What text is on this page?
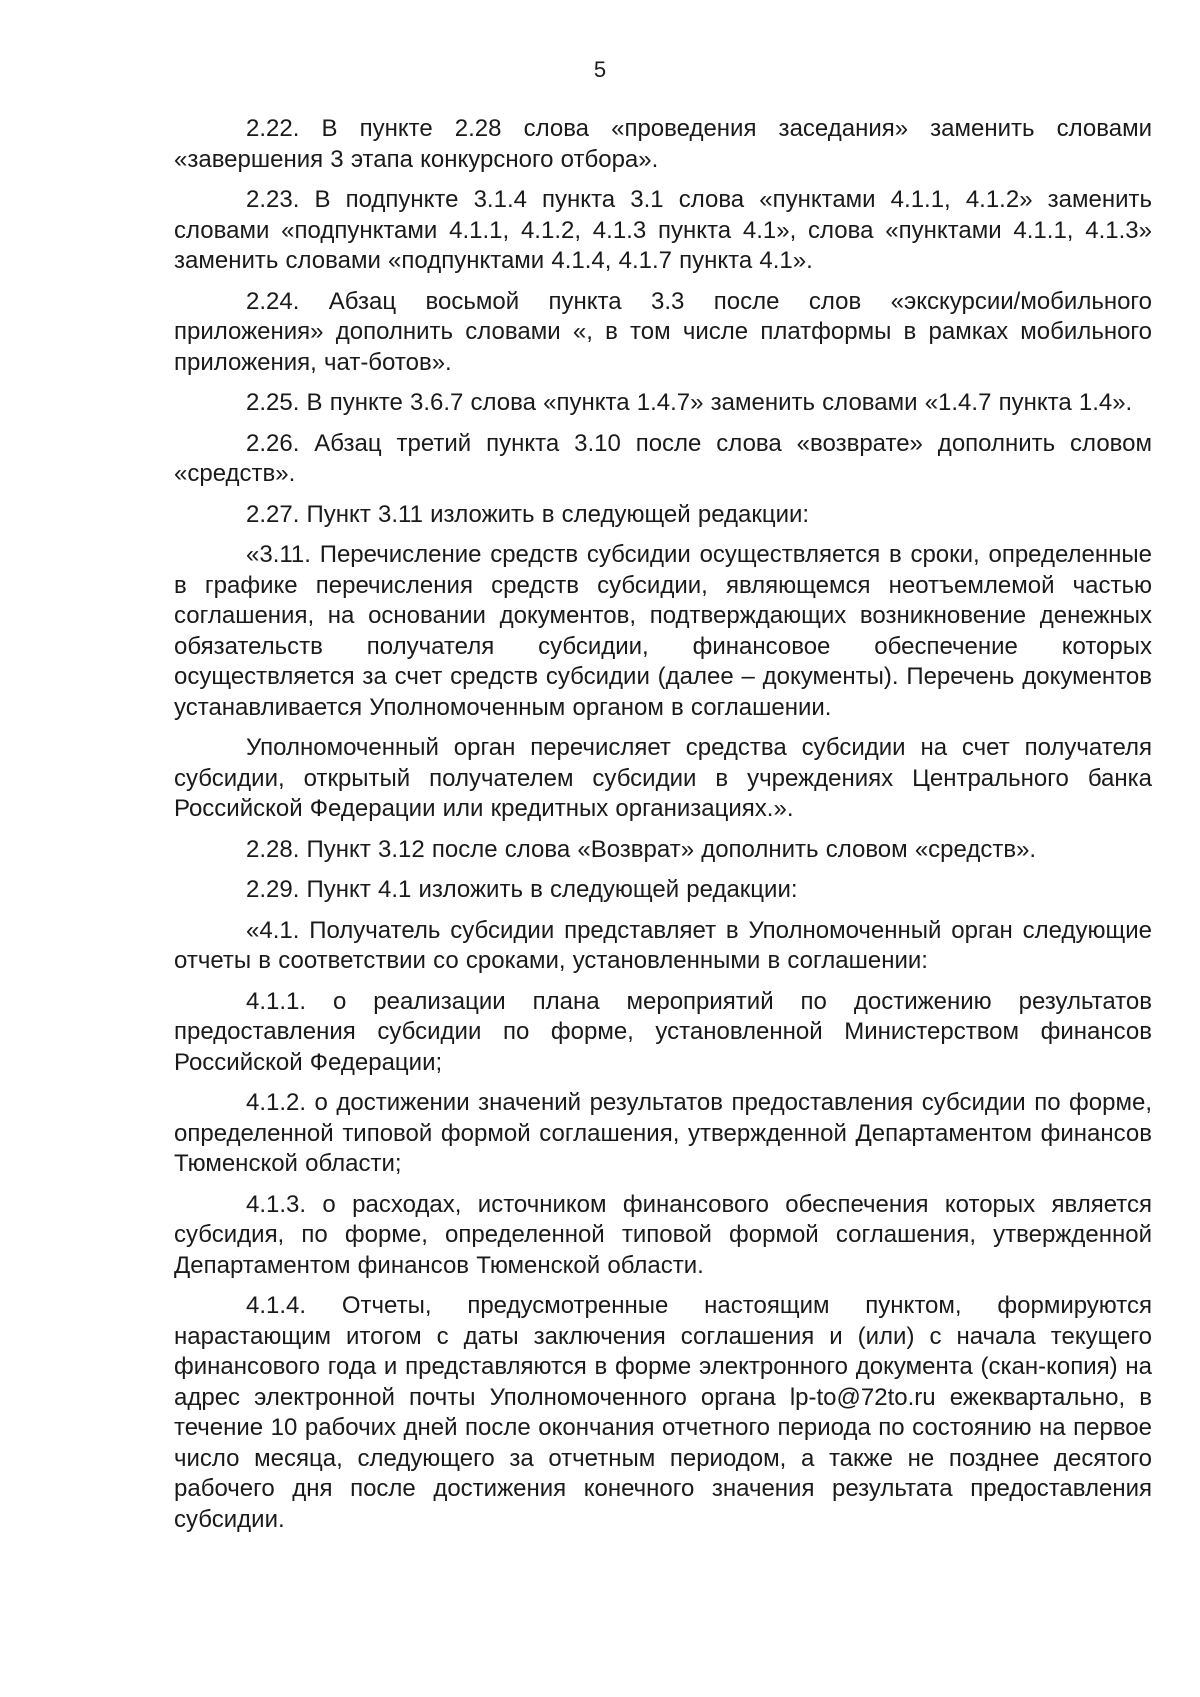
5

2.22. В пункте 2.28 слова «проведения заседания» заменить словами «завершения 3 этапа конкурсного отбора».

2.23. В подпункте 3.1.4 пункта 3.1 слова «пунктами 4.1.1, 4.1.2» заменить словами «подпунктами 4.1.1, 4.1.2, 4.1.3 пункта 4.1», слова «пунктами 4.1.1, 4.1.3» заменить словами «подпунктами 4.1.4, 4.1.7 пункта 4.1».

2.24. Абзац восьмой пункта 3.3 после слов «экскурсии/мобильного приложения» дополнить словами «, в том числе платформы в рамках мобильного приложения, чат-ботов».

2.25. В пункте 3.6.7 слова «пункта 1.4.7» заменить словами «1.4.7 пункта 1.4».

2.26. Абзац третий пункта 3.10 после слова «возврате» дополнить словом «средств».

2.27. Пункт 3.11 изложить в следующей редакции:

«3.11. Перечисление средств субсидии осуществляется в сроки, определенные в графике перечисления средств субсидии, являющемся неотъемлемой частью соглашения, на основании документов, подтверждающих возникновение денежных обязательств получателя субсидии, финансовое обеспечение которых осуществляется за счет средств субсидии (далее – документы). Перечень документов устанавливается Уполномоченным органом в соглашении.

Уполномоченный орган перечисляет средства субсидии на счет получателя субсидии, открытый получателем субсидии в учреждениях Центрального банка Российской Федерации или кредитных организациях.».

2.28. Пункт 3.12 после слова «Возврат» дополнить словом «средств».

2.29. Пункт 4.1 изложить в следующей редакции:

«4.1. Получатель субсидии представляет в Уполномоченный орган следующие отчеты в соответствии со сроками, установленными в соглашении:

4.1.1. о реализации плана мероприятий по достижению результатов предоставления субсидии по форме, установленной Министерством финансов Российской Федерации;

4.1.2. о достижении значений результатов предоставления субсидии по форме, определенной типовой формой соглашения, утвержденной Департаментом финансов Тюменской области;

4.1.3. о расходах, источником финансового обеспечения которых является субсидия, по форме, определенной типовой формой соглашения, утвержденной Департаментом финансов Тюменской области.

4.1.4. Отчеты, предусмотренные настоящим пунктом, формируются нарастающим итогом с даты заключения соглашения и (или) с начала текущего финансового года и представляются в форме электронного документа (скан-копия) на адрес электронной почты Уполномоченного органа lp-to@72to.ru ежеквартально, в течение 10 рабочих дней после окончания отчетного периода по состоянию на первое число месяца, следующего за отчетным периодом, а также не позднее десятого рабочего дня после достижения конечного значения результата предоставления субсидии.
